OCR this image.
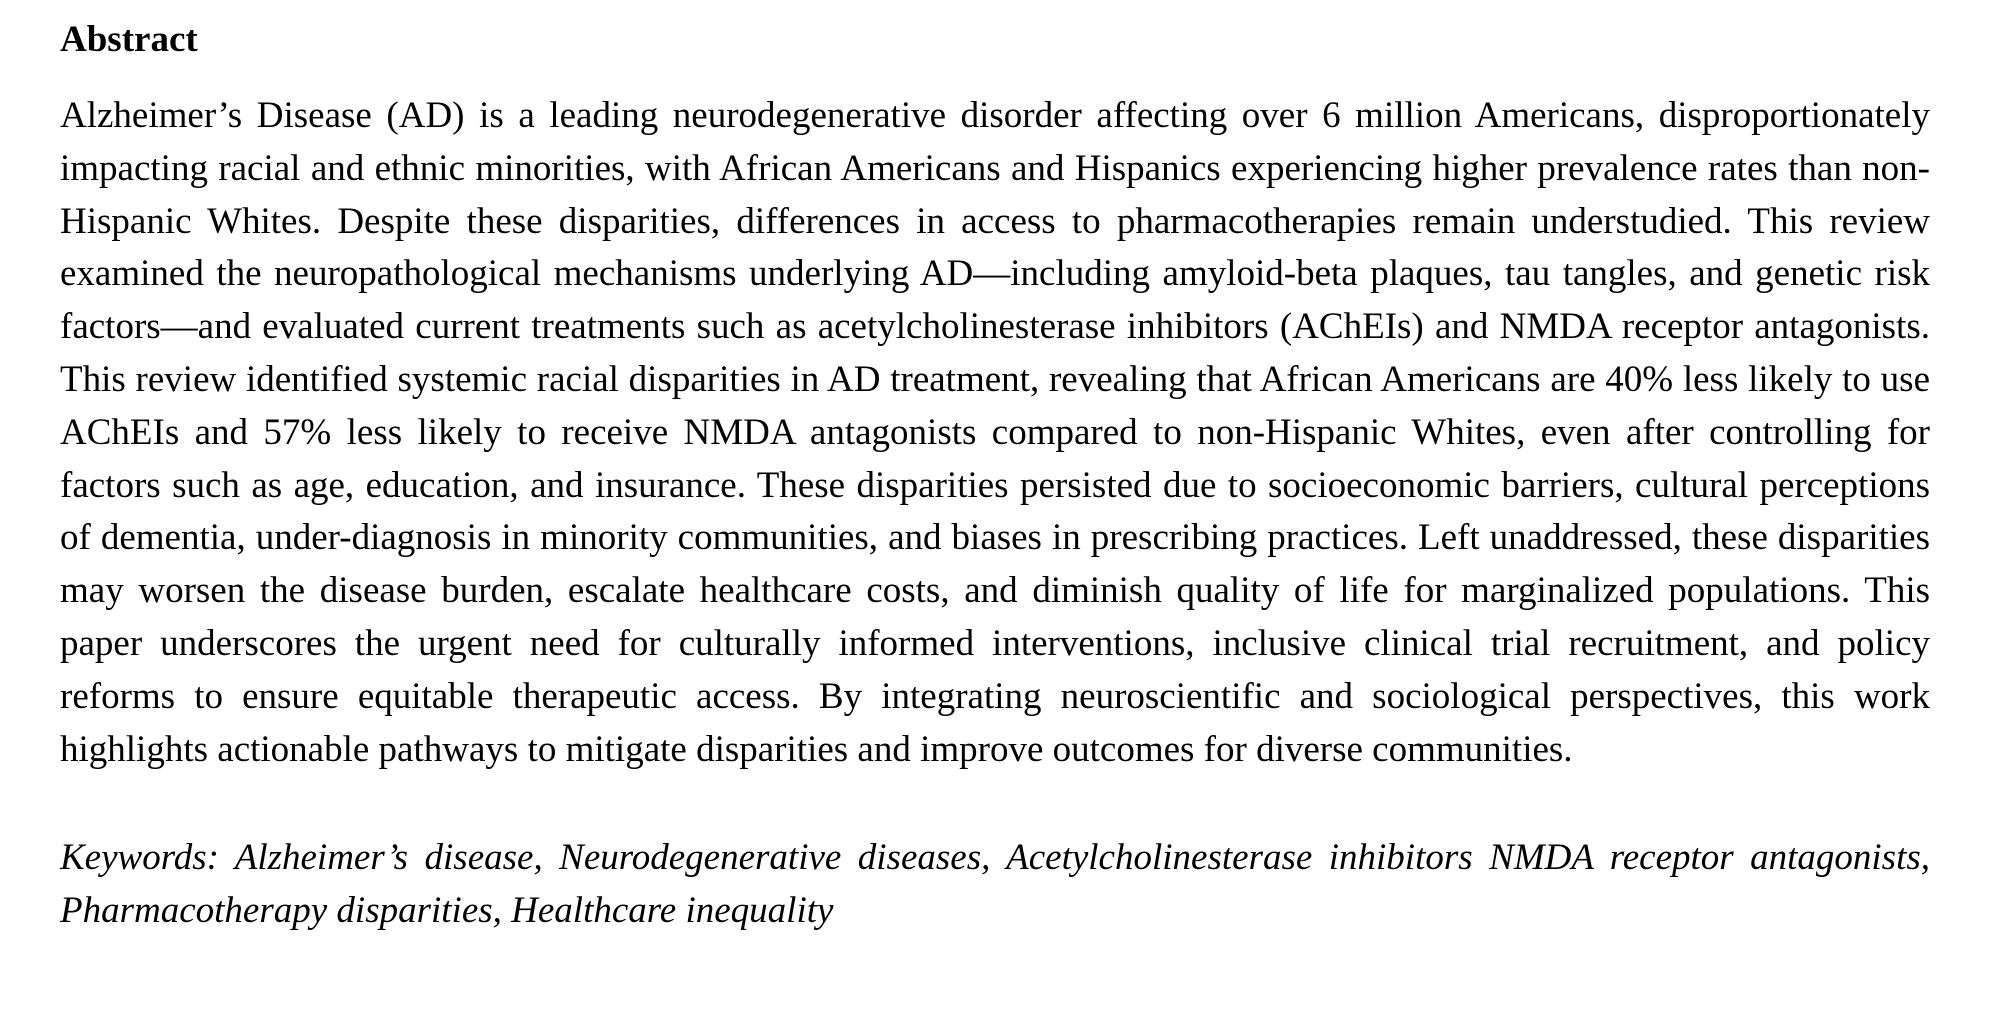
Abstract

Alzheimer’s Disease (AD) is a leading neurodegenerative disorder affecting over 6 million Americans, disproportionately impacting racial and ethnic minorities, with African Americans and Hispanics experiencing higher prevalence rates than non-Hispanic Whites. Despite these disparities, differences in access to pharmacotherapies remain understudied. This review examined the neuropathological mechanisms underlying AD—including amyloid-beta plaques, tau tangles, and genetic risk factors—and evaluated current treatments such as acetylcholinesterase inhibitors (AChEIs) and NMDA receptor antagonists. This review identified systemic racial disparities in AD treatment, revealing that African Americans are 40% less likely to use AChEIs and 57% less likely to receive NMDA antagonists compared to non-Hispanic Whites, even after controlling for factors such as age, education, and insurance. These disparities persisted due to socioeconomic barriers, cultural perceptions of dementia, under-diagnosis in minority communities, and biases in prescribing practices. Left unaddressed, these disparities may worsen the disease burden, escalate healthcare costs, and diminish quality of life for marginalized populations. This paper underscores the urgent need for culturally informed interventions, inclusive clinical trial recruitment, and policy reforms to ensure equitable therapeutic access. By integrating neuroscientific and sociological perspectives, this work highlights actionable pathways to mitigate disparities and improve outcomes for diverse communities.

Keywords: Alzheimer’s disease, Neurodegenerative diseases, Acetylcholinesterase inhibitors NMDA receptor antagonists, Pharmacotherapy disparities, Healthcare inequality
